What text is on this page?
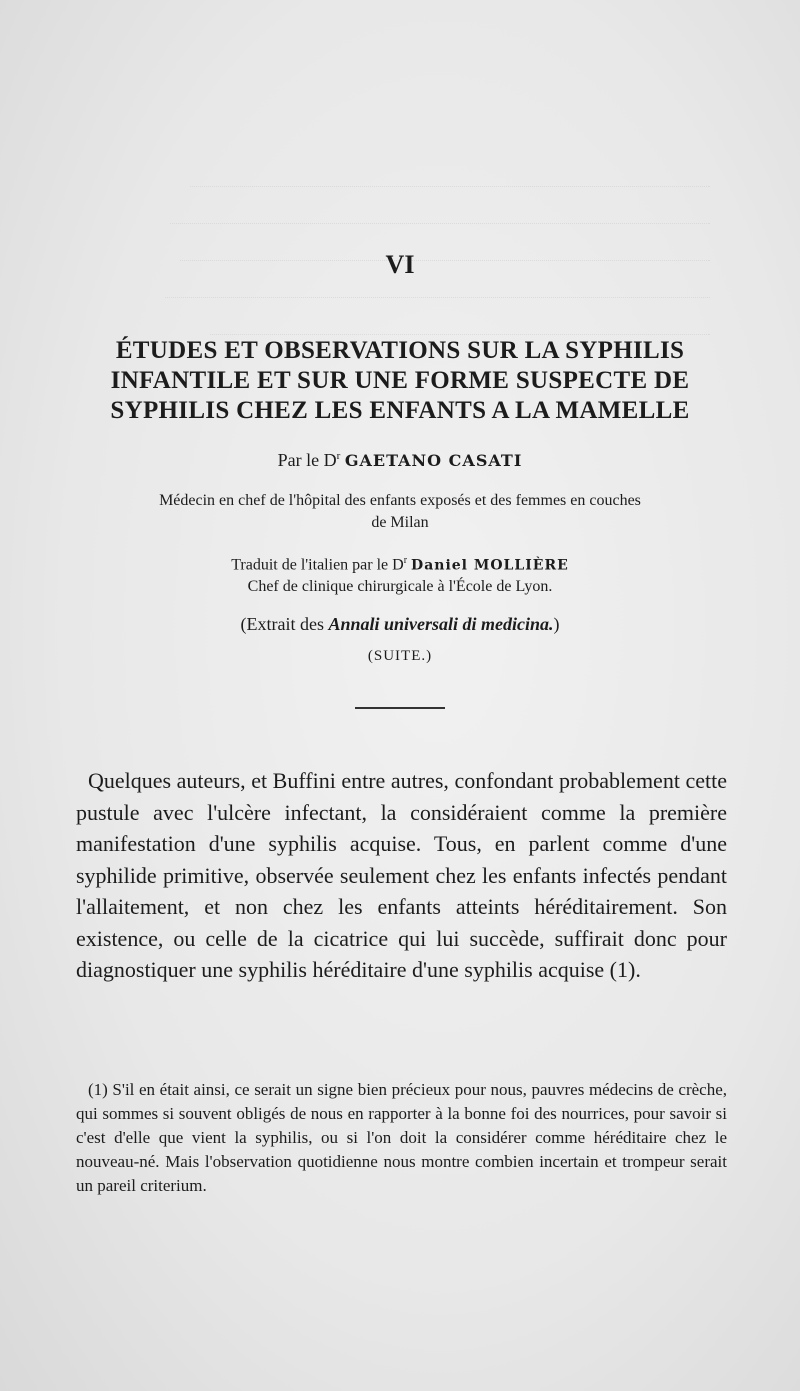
VI
ÉTUDES ET OBSERVATIONS SUR LA SYPHILIS
INFANTILE ET SUR UNE FORME SUSPECTE DE
SYPHILIS CHEZ LES ENFANTS A LA MAMELLE
Par le $D^r$ GAETANO CASATI
Médecin en chef de l'hôpital des enfants exposés et des femmes en couches
de Milan
Traduit de l'italien par le $D^r$ Daniel MOLLIÈRE
Chef de clinique chirurgicale à l'École de Lyon.
(Extrait des Annali universali di medicina.)
(SUITE.)

Quelques auteurs, et Buffini entre autres, confondant probablement cette pustule avec l'ulcère infectant, la considéraient comme la première manifestation d'une syphilis acquise. Tous, en parlent comme d'une syphilide primitive, observée seulement chez les enfants infectés pendant l'allaitement, et non chez les enfants atteints héréditairement. Son existence, ou celle de la cicatrice qui lui succède, suffirait donc pour diagnostiquer une syphilis héréditaire d'une syphilis acquise (1).

(1) S'il en était ainsi, ce serait un signe bien précieux pour nous, pauvres médecins de crèche, qui sommes si souvent obligés de nous en rapporter à la bonne foi des nourrices, pour savoir si c'est d'elle que vient la syphilis, ou si l'on doit la considérer comme héréditaire chez le nouveau-né. Mais l'observation quotidienne nous montre combien incertain et trompeur serait un pareil criterium.
